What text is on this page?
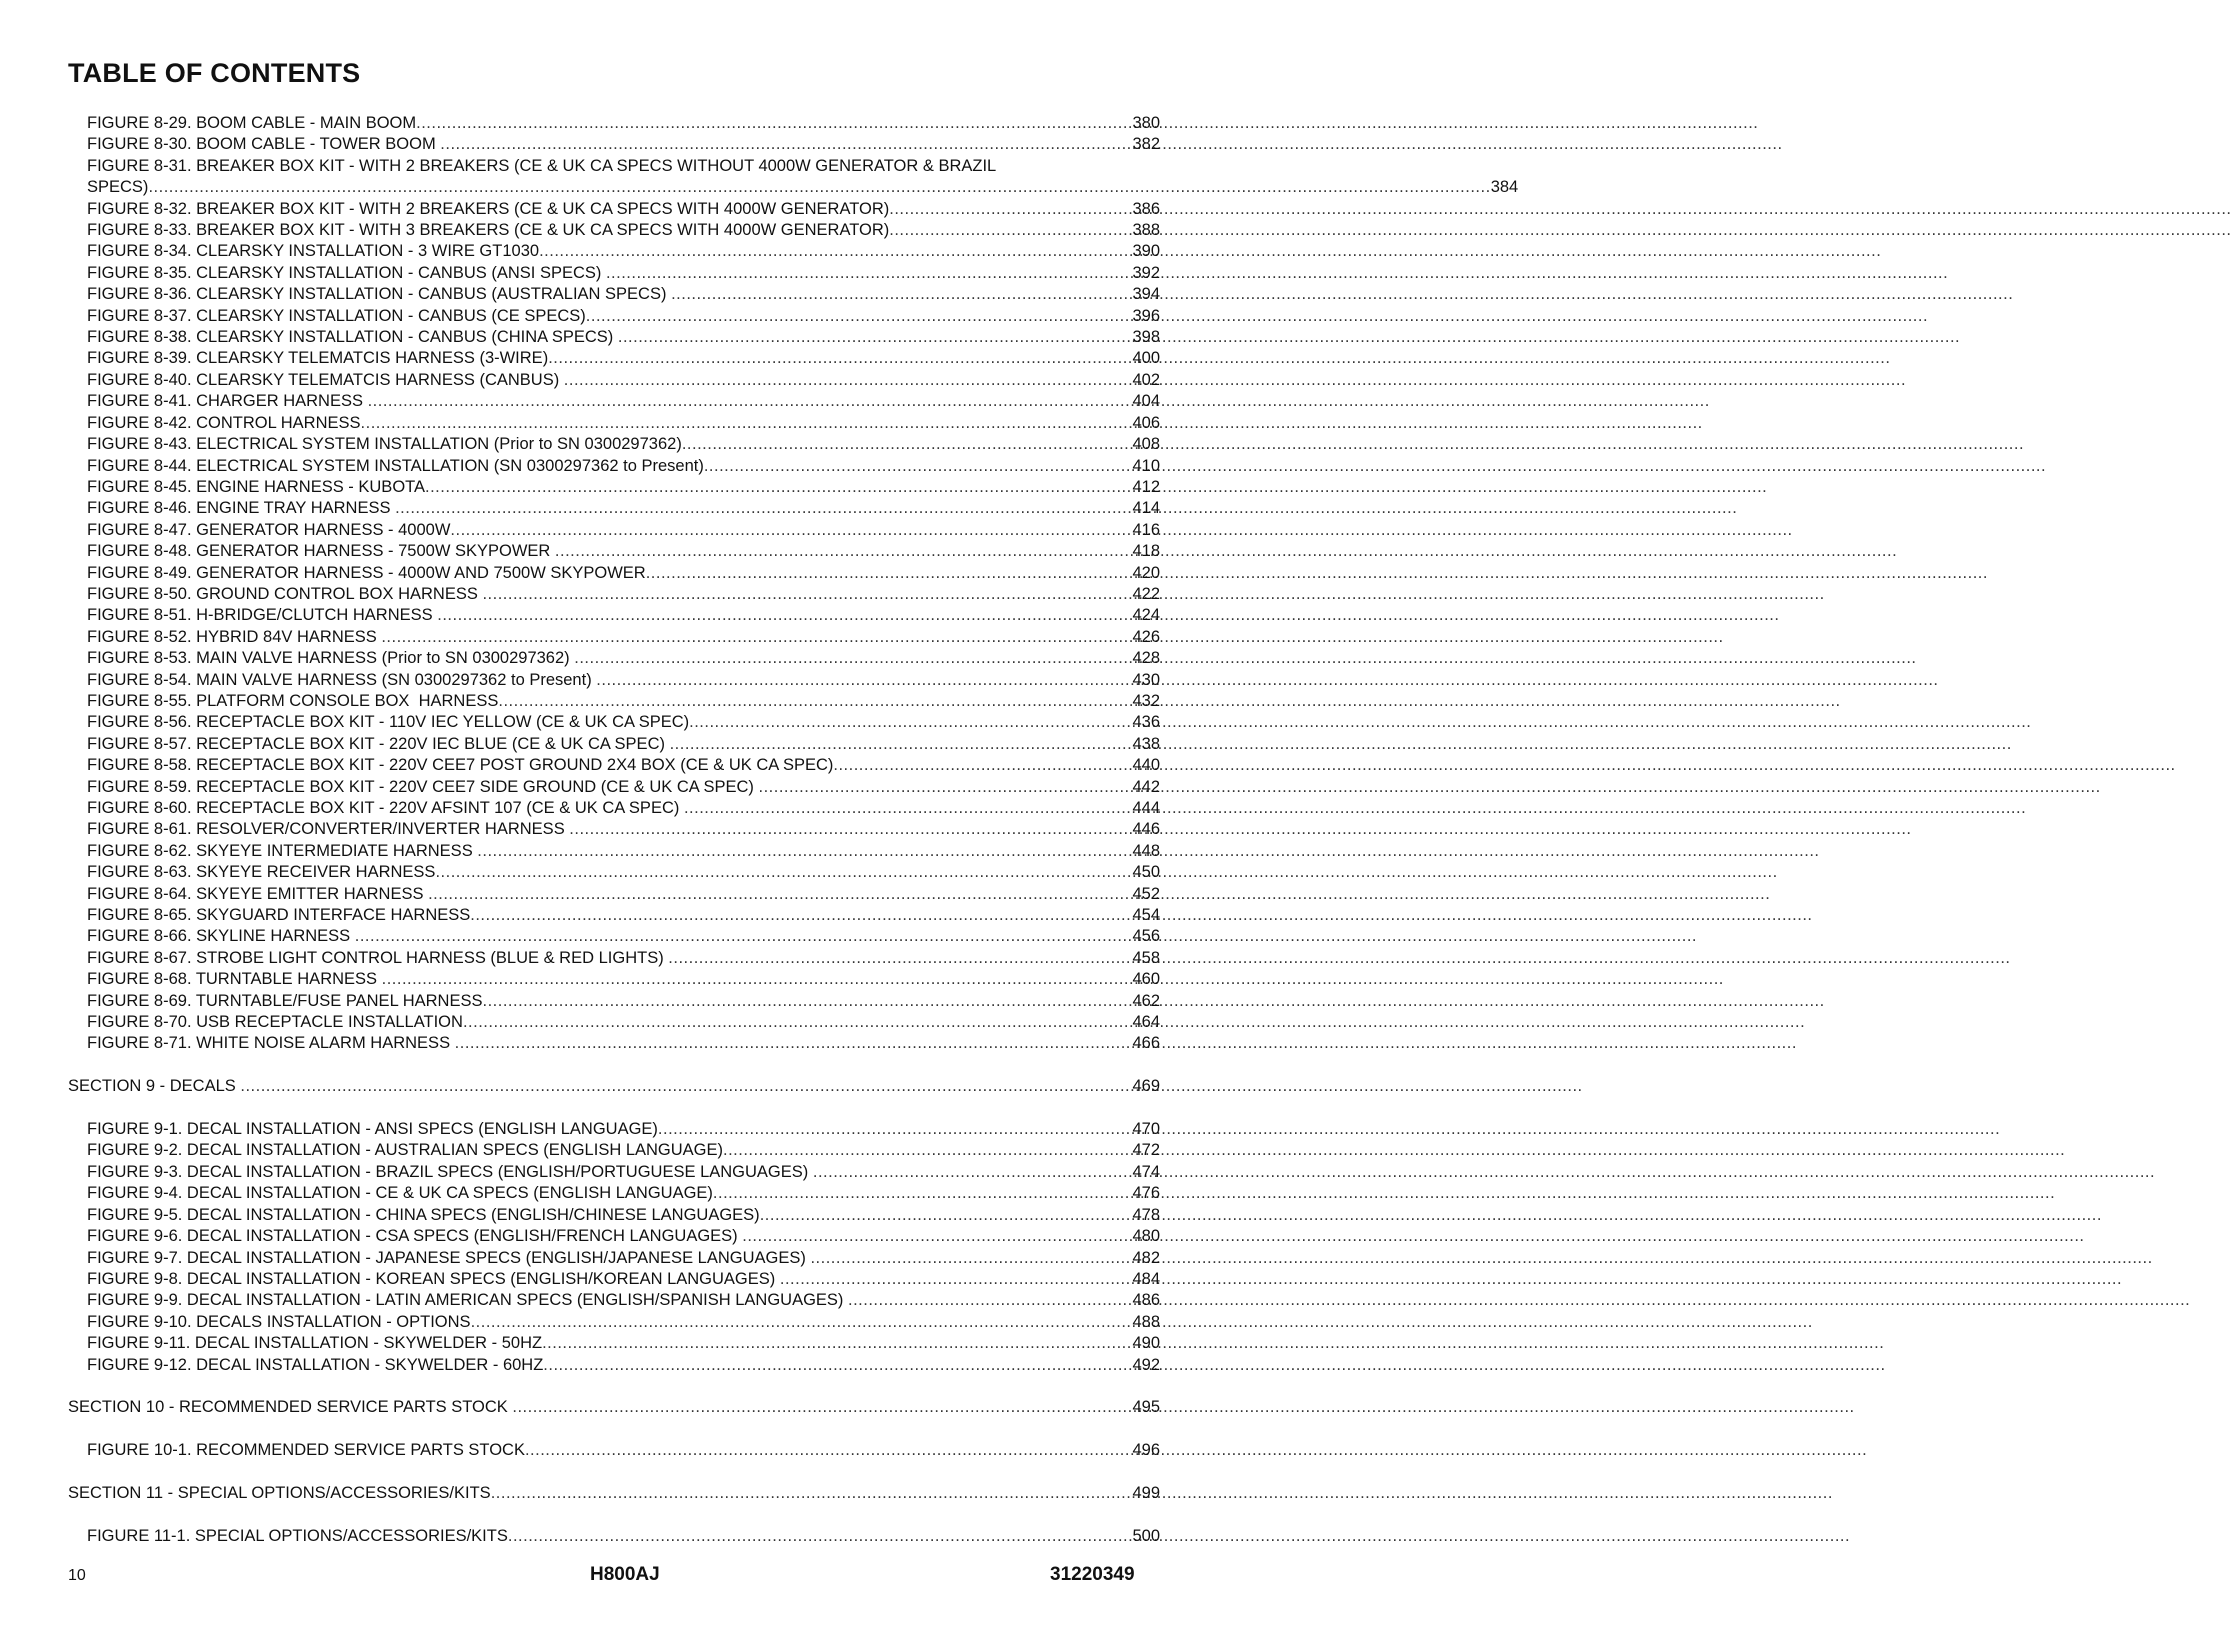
TABLE OF CONTENTS
FIGURE 8-29. BOOM CABLE - MAIN BOOM .....	380
FIGURE 8-30. BOOM CABLE - TOWER BOOM .....	382
FIGURE 8-31. BREAKER BOX KIT - WITH 2 BREAKERS (CE & UK CA SPECS WITHOUT 4000W GENERATOR & BRAZIL
SPECS) .....	384
FIGURE 8-32. BREAKER BOX KIT - WITH 2 BREAKERS (CE & UK CA SPECS WITH 4000W GENERATOR) .....	386
FIGURE 8-33. BREAKER BOX KIT - WITH 3 BREAKERS (CE & UK CA SPECS WITH 4000W GENERATOR) .....	388
FIGURE 8-34. CLEARSKY INSTALLATION - 3 WIRE GT1030 .....	390
FIGURE 8-35. CLEARSKY INSTALLATION - CANBUS (ANSI SPECS) .....	392
FIGURE 8-36. CLEARSKY INSTALLATION - CANBUS (AUSTRALIAN SPECS) .....	394
FIGURE 8-37. CLEARSKY INSTALLATION - CANBUS (CE SPECS) .....	396
FIGURE 8-38. CLEARSKY INSTALLATION - CANBUS (CHINA SPECS) .....	398
FIGURE 8-39. CLEARSKY TELEMATCIS HARNESS (3-WIRE) .....	400
FIGURE 8-40. CLEARSKY TELEMATCIS HARNESS (CANBUS) .....	402
FIGURE 8-41. CHARGER HARNESS .....	404
FIGURE 8-42. CONTROL HARNESS .....	406
FIGURE 8-43. ELECTRICAL SYSTEM INSTALLATION (Prior to SN 0300297362) .....	408
FIGURE 8-44. ELECTRICAL SYSTEM INSTALLATION (SN 0300297362 to Present) .....	410
FIGURE 8-45. ENGINE HARNESS - KUBOTA .....	412
FIGURE 8-46. ENGINE TRAY HARNESS .....	414
FIGURE 8-47. GENERATOR HARNESS - 4000W .....	416
FIGURE 8-48. GENERATOR HARNESS - 7500W SKYPOWER .....	418
FIGURE 8-49. GENERATOR HARNESS - 4000W AND 7500W SKYPOWER .....	420
FIGURE 8-50. GROUND CONTROL BOX HARNESS .....	422
FIGURE 8-51. H-BRIDGE/CLUTCH HARNESS .....	424
FIGURE 8-52. HYBRID 84V HARNESS .....	426
FIGURE 8-53. MAIN VALVE HARNESS (Prior to SN 0300297362) .....	428
FIGURE 8-54. MAIN VALVE HARNESS (SN 0300297362 to Present) .....	430
FIGURE 8-55. PLATFORM CONSOLE BOX  HARNESS .....	432
FIGURE 8-56. RECEPTACLE BOX KIT - 110V IEC YELLOW (CE & UK CA SPEC) .....	436
FIGURE 8-57. RECEPTACLE BOX KIT - 220V IEC BLUE (CE & UK CA SPEC) .....	438
FIGURE 8-58. RECEPTACLE BOX KIT - 220V CEE7 POST GROUND 2X4 BOX (CE & UK CA SPEC) .....	440
FIGURE 8-59. RECEPTACLE BOX KIT - 220V CEE7 SIDE GROUND (CE & UK CA SPEC) .....	442
FIGURE 8-60. RECEPTACLE BOX KIT - 220V AFSINT 107 (CE & UK CA SPEC) .....	444
FIGURE 8-61. RESOLVER/CONVERTER/INVERTER HARNESS .....	446
FIGURE 8-62. SKYEYE INTERMEDIATE HARNESS .....	448
FIGURE 8-63. SKYEYE RECEIVER HARNESS .....	450
FIGURE 8-64. SKYEYE EMITTER HARNESS .....	452
FIGURE 8-65. SKYGUARD INTERFACE HARNESS .....	454
FIGURE 8-66. SKYLINE HARNESS .....	456
FIGURE 8-67. STROBE LIGHT CONTROL HARNESS (BLUE & RED LIGHTS) .....	458
FIGURE 8-68. TURNTABLE HARNESS .....	460
FIGURE 8-69. TURNTABLE/FUSE PANEL HARNESS .....	462
FIGURE 8-70. USB RECEPTACLE INSTALLATION .....	464
FIGURE 8-71. WHITE NOISE ALARM HARNESS .....	466
SECTION 9 - DECALS .....	469
FIGURE 9-1. DECAL INSTALLATION - ANSI SPECS (ENGLISH LANGUAGE) .....	470
FIGURE 9-2. DECAL INSTALLATION - AUSTRALIAN SPECS (ENGLISH LANGUAGE) .....	472
FIGURE 9-3. DECAL INSTALLATION - BRAZIL SPECS (ENGLISH/PORTUGUESE LANGUAGES) .....	474
FIGURE 9-4. DECAL INSTALLATION - CE & UK CA SPECS (ENGLISH LANGUAGE) .....	476
FIGURE 9-5. DECAL INSTALLATION - CHINA SPECS (ENGLISH/CHINESE LANGUAGES) .....	478
FIGURE 9-6. DECAL INSTALLATION - CSA SPECS (ENGLISH/FRENCH LANGUAGES) .....	480
FIGURE 9-7. DECAL INSTALLATION - JAPANESE SPECS (ENGLISH/JAPANESE LANGUAGES) .....	482
FIGURE 9-8. DECAL INSTALLATION - KOREAN SPECS (ENGLISH/KOREAN LANGUAGES) .....	484
FIGURE 9-9. DECAL INSTALLATION - LATIN AMERICAN SPECS (ENGLISH/SPANISH LANGUAGES) .....	486
FIGURE 9-10. DECALS INSTALLATION - OPTIONS .....	488
FIGURE 9-11. DECAL INSTALLATION - SKYWELDER - 50HZ .....	490
FIGURE 9-12. DECAL INSTALLATION - SKYWELDER - 60HZ .....	492
SECTION 10 - RECOMMENDED SERVICE PARTS STOCK .....	495
FIGURE 10-1. RECOMMENDED SERVICE PARTS STOCK .....	496
SECTION 11 - SPECIAL OPTIONS/ACCESSORIES/KITS .....	499
FIGURE 11-1. SPECIAL OPTIONS/ACCESSORIES/KITS .....	500
10	H800AJ	31220349
